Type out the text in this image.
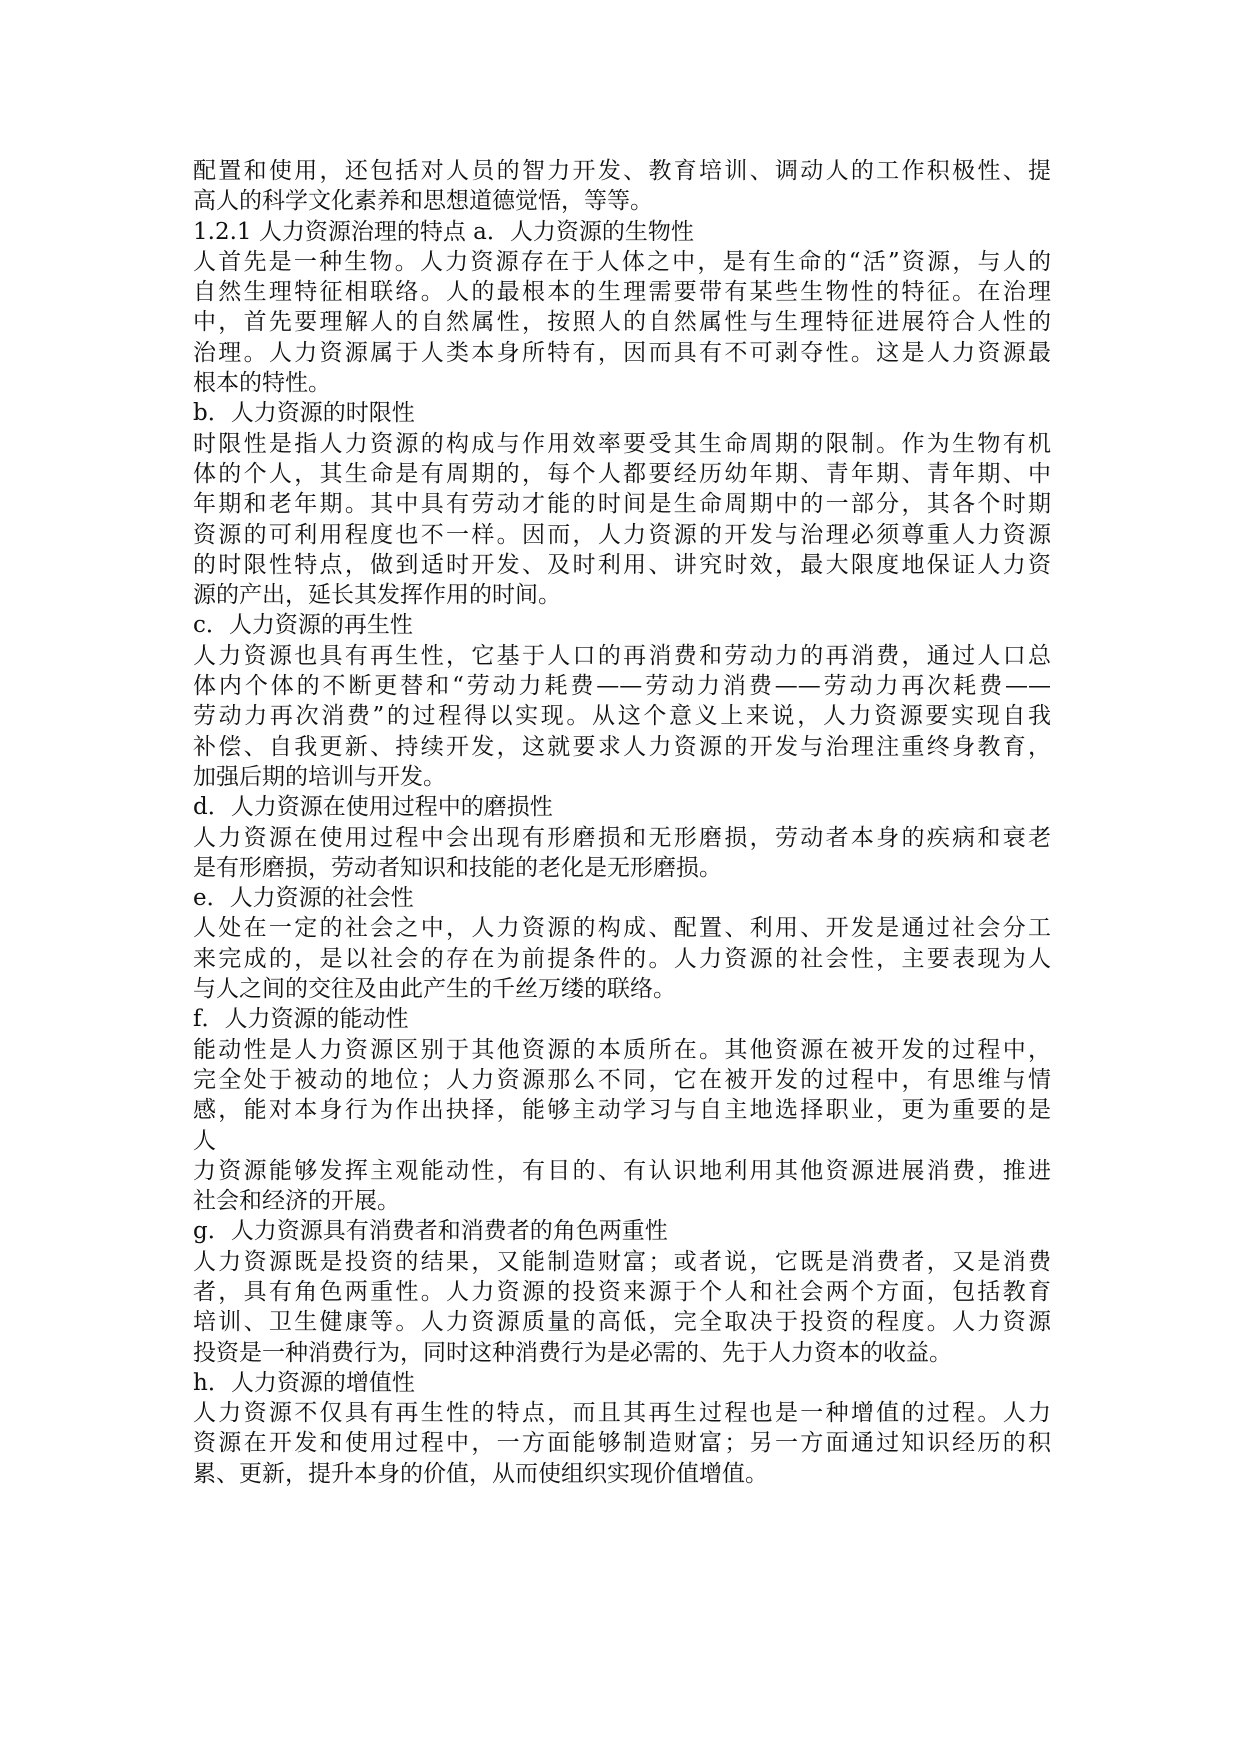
配置和使用，还包括对人员的智力开发、教育培训、调动人的工作积极性、提
高人的科学文化素养和思想道德觉悟，等等。
1.2.1 人力资源治理的特点 a．人力资源的生物性
人首先是一种生物。人力资源存在于人体之中，是有生命的“活”资源，与人的
自然生理特征相联络。人的最根本的生理需要带有某些生物性的特征。在治理
中，首先要理解人的自然属性，按照人的自然属性与生理特征进展符合人性的
治理。人力资源属于人类本身所特有，因而具有不可剥夺性。这是人力资源最
根本的特性。
b．人力资源的时限性
时限性是指人力资源的构成与作用效率要受其生命周期的限制。作为生物有机
体的个人，其生命是有周期的，每个人都要经历幼年期、青年期、青年期、中
年期和老年期。其中具有劳动才能的时间是生命周期中的一部分，其各个时期
资源的可利用程度也不一样。因而，人力资源的开发与治理必须尊重人力资源
的时限性特点，做到适时开发、及时利用、讲究时效，最大限度地保证人力资
源的产出，延长其发挥作用的时间。
c．人力资源的再生性
人力资源也具有再生性，它基于人口的再消费和劳动力的再消费，通过人口总
体内个体的不断更替和“劳动力耗费——劳动力消费——劳动力再次耗费——
劳动力再次消费”的过程得以实现。从这个意义上来说，人力资源要实现自我
补偿、自我更新、持续开发，这就要求人力资源的开发与治理注重终身教育，
加强后期的培训与开发。
d．人力资源在使用过程中的磨损性
人力资源在使用过程中会出现有形磨损和无形磨损，劳动者本身的疾病和衰老
是有形磨损，劳动者知识和技能的老化是无形磨损。
e．人力资源的社会性
人处在一定的社会之中，人力资源的构成、配置、利用、开发是通过社会分工
来完成的，是以社会的存在为前提条件的。人力资源的社会性，主要表现为人
与人之间的交往及由此产生的千丝万缕的联络。
f．人力资源的能动性
能动性是人力资源区别于其他资源的本质所在。其他资源在被开发的过程中，
完全处于被动的地位；人力资源那么不同，它在被开发的过程中，有思维与情
感，能对本身行为作出抉择，能够主动学习与自主地选择职业，更为重要的是
人
力资源能够发挥主观能动性，有目的、有认识地利用其他资源进展消费，推进
社会和经济的开展。
g．人力资源具有消费者和消费者的角色两重性
人力资源既是投资的结果，又能制造财富；或者说，它既是消费者，又是消费
者，具有角色两重性。人力资源的投资来源于个人和社会两个方面，包括教育
培训、卫生健康等。人力资源质量的高低，完全取决于投资的程度。人力资源
投资是一种消费行为，同时这种消费行为是必需的、先于人力资本的收益。
h．人力资源的增值性
人力资源不仅具有再生性的特点，而且其再生过程也是一种增值的过程。人力
资源在开发和使用过程中，一方面能够制造财富；另一方面通过知识经历的积
累、更新，提升本身的价值，从而使组织实现价值增值。
